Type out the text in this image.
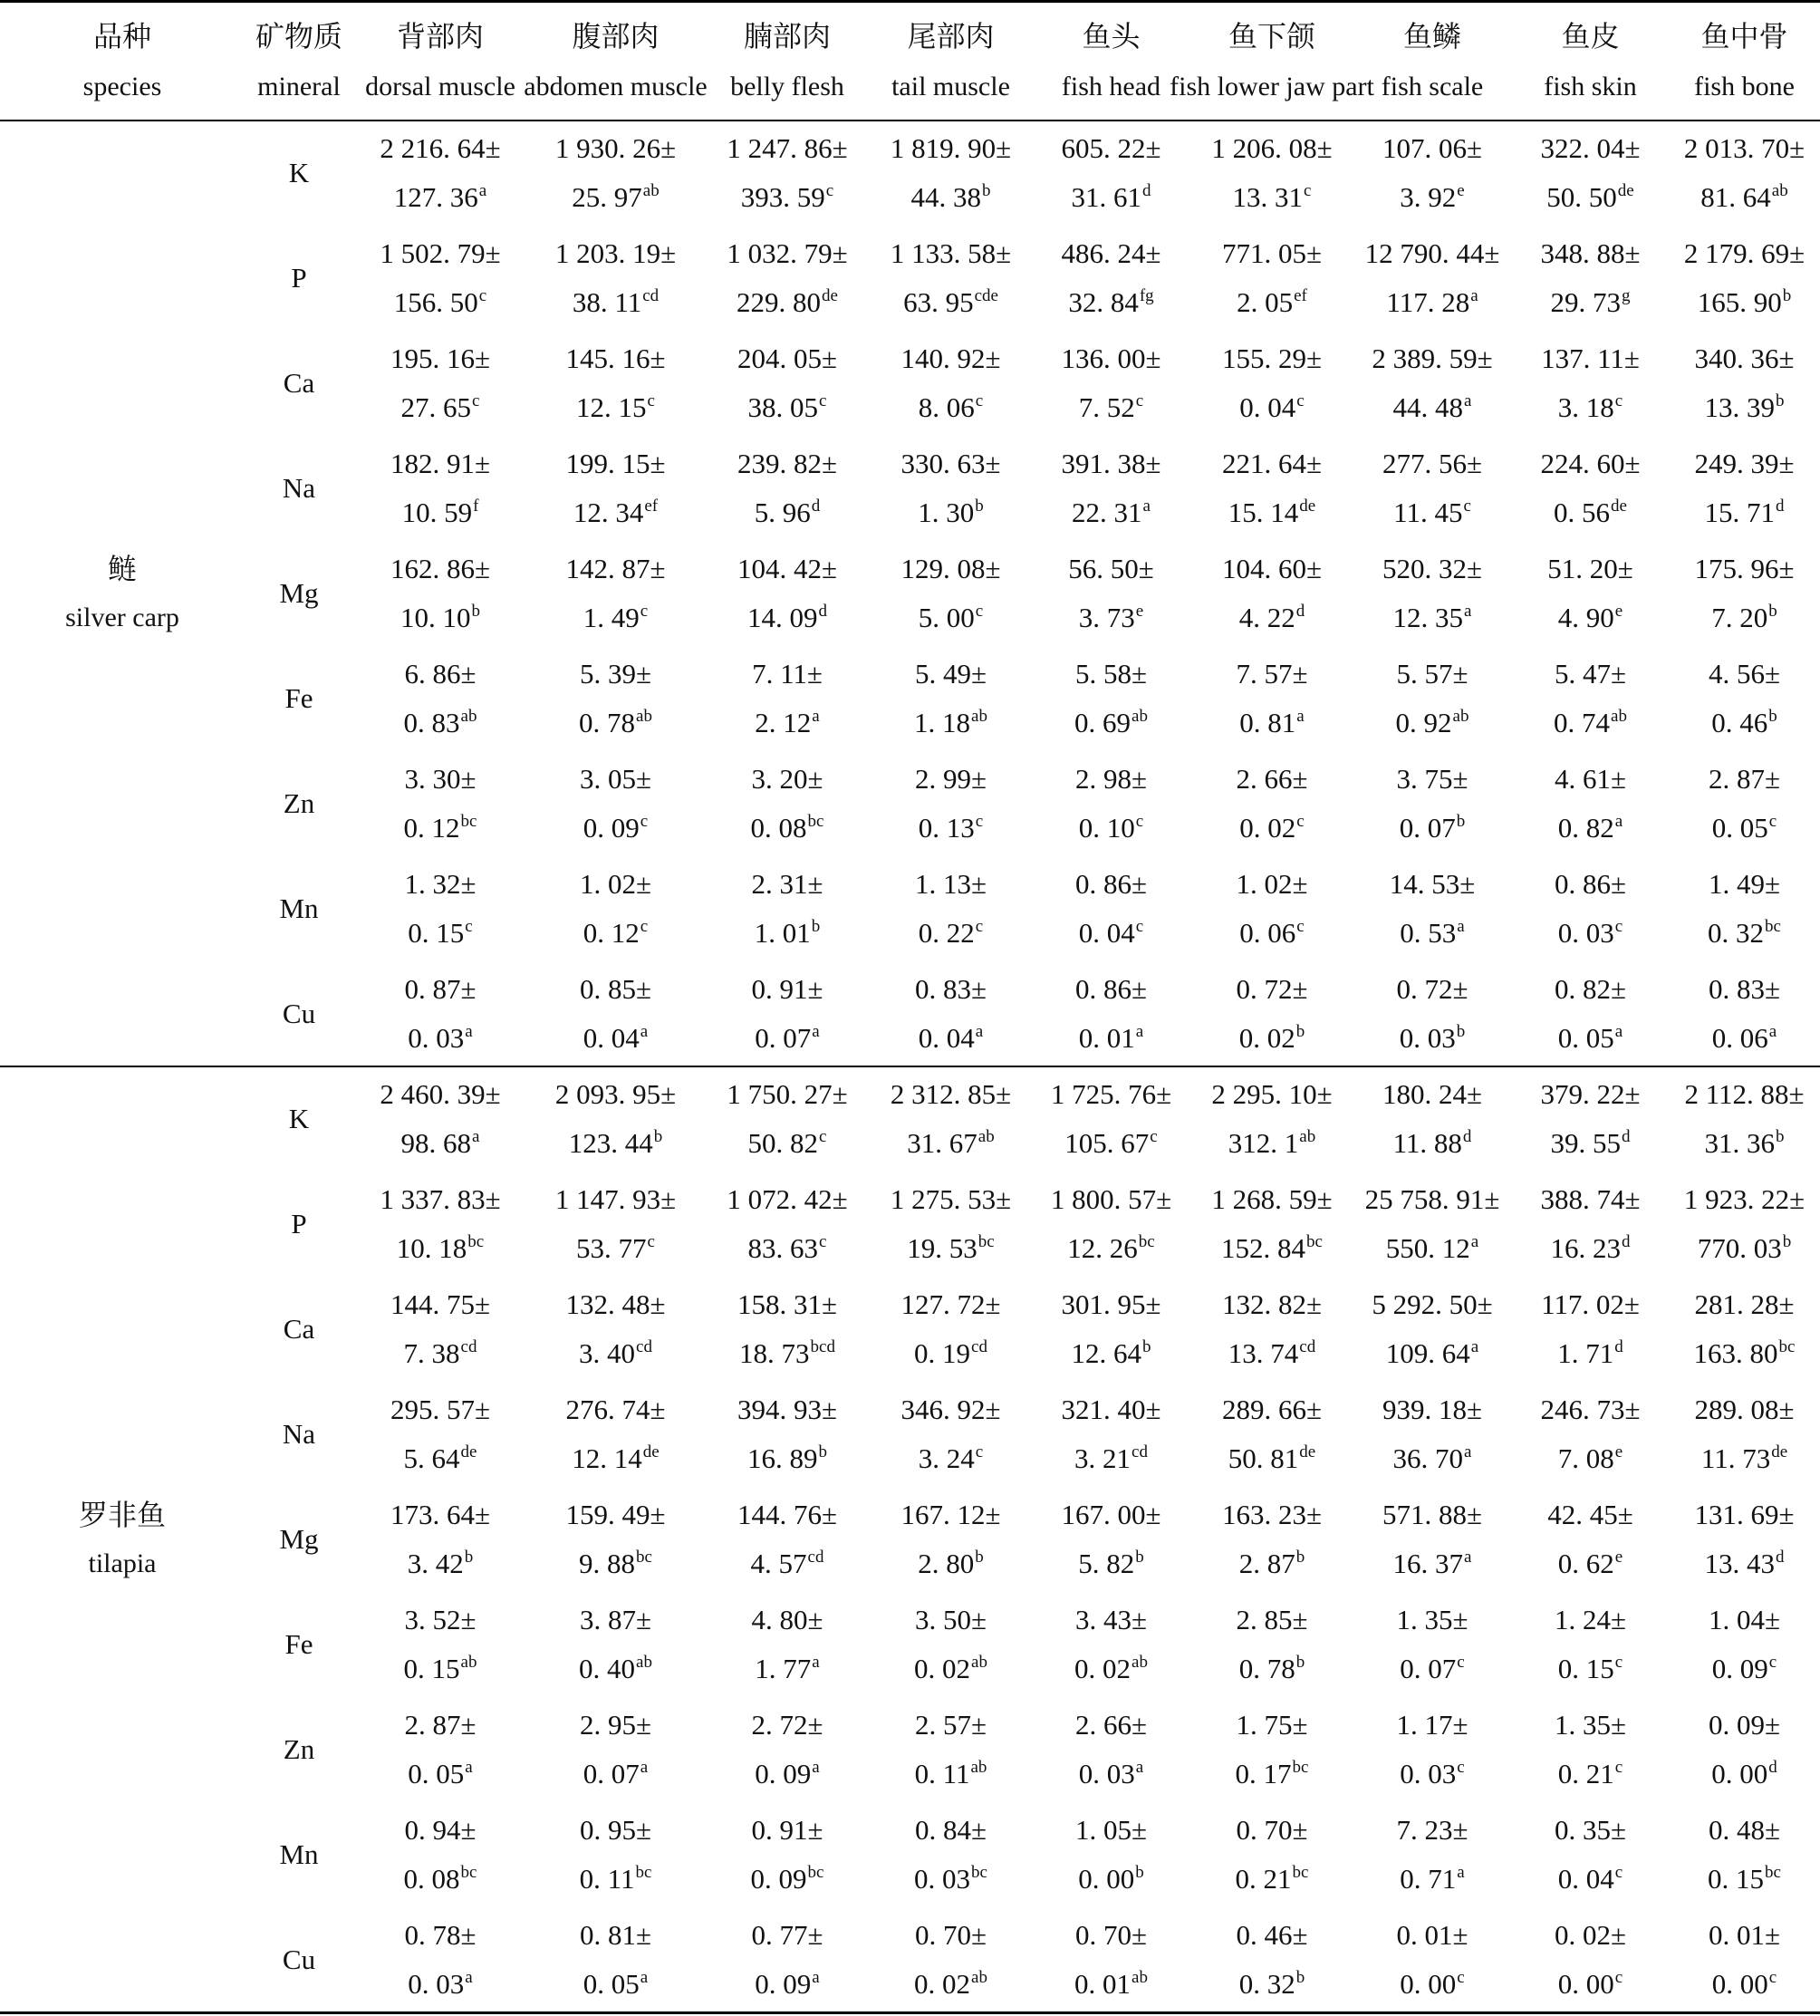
品种
species
矿物质
mineral
背部肉
dorsal muscle
腹部肉
abdomen muscle
腩部肉
belly flesh
尾部肉
tail muscle
鱼头
fish head
鱼下颌
fish lower jaw part
鱼鳞
fish scale
鱼皮
fish skin
鱼中骨
fish bone
鲢
silver carp
K
2 216. 64±
127. 36$^a$
1 930. 26±
25. $97^{ab}$
1 247. 86±
393. 59$^c$
1 819. 90±
44. 38$^b$
605. 22±
31. 61$^d$
1 206. 08±
13. 31$^c$
107. 06±
3. 92e
322. 04±
50. 50de
2 013. 70±
81. $64^{ab}$
P
1 502. 79±
156. 50$^c$
1 203. 19±
38. $11^{cd}$
1 032. 79±
229. 80de
1 133. 58±
63. $95^{cde}$
486. 24±
32. $84^{fg}$
771. 05±
2. $05^{ef}$
12 790. 44±
117. 28$^a$
348. 88±
29. 73$^g$
2 179. 69±
165. 90$^b$
Ca
195. 16±
27. 65$^c$
145. 16±
12. 15$^c$
204. 05±
38. 05$^c$
140. 92±
8. 06$^c$
136. 00±
7. 52$^c$
155. 29±
0. 04$^c$
2 389. 59±
44. 48$^a$
137. 11±
3. 18$^c$
340. 36±
13. 39$^b$
Na
182. 91±
10. 59$^f$
199. 15±
12. $34^{ef}$
239. 82±
5. 96$^d$
330. 63±
1. 30$^b$
391. 38±
22. 31$^a$
221. 64±
15. 14de
277. 56±
11. 45$^c$
224. 60±
0. 56de
249. 39±
15. 71$^d$
Mg
162. 86±
10. 10$^b$
142. 87±
1. 49$^c$
104. 42±
14. 09$^d$
129. 08±
5. 00$^c$
56. 50±
3. 73e
104. 60±
4. 22$^d$
520. 32±
12. 35$^a$
51. 20±
4. 90e
175. 96±
7. 20$^b$
Fe
6. 86±
0. $83^{ab}$
5. 39±
0. $78^{ab}$
7. 11±
2. 12$^a$
5. 49±
1. $18^{ab}$
5. 58±
0. $69^{ab}$
7. 57±
0. 81$^a$
5. 57±
0. $92^{ab}$
5. 47±
0. $74^{ab}$
4. 56±
0. 46$^b$
Zn
3. 30±
0. $12^{bc}$
3. 05±
0. 09$^c$
3. 20±
0. $08^{bc}$
2. 99±
0. 13$^c$
2. 98±
0. 10$^c$
2. 66±
0. 02$^c$
3. 75±
0. 07$^b$
4. 61±
0. 82$^a$
2. 87±
0. 05$^c$
Mn
1. 32±
0. 15$^c$
1. 02±
0. 12$^c$
2. 31±
1. 01$^b$
1. 13±
0. 22$^c$
0. 86±
0. 04$^c$
1. 02±
0. 06$^c$
14. 53±
0. 53$^a$
0. 86±
0. 03$^c$
1. 49±
0. $32^{bc}$
Cu
0. 87±
0. 03$^a$
0. 85±
0. 04$^a$
0. 91±
0. 07$^a$
0. 83±
0. 04$^a$
0. 86±
0. 01$^a$
0. 72±
0. 02$^b$
0. 72±
0. 03$^b$
0. 82±
0. 05$^a$
0. 83±
0. 06$^a$
罗非鱼
tilapia
K
2 460. 39±
98. 68$^a$
2 093. 95±
123. 44$^b$
1 750. 27±
50. 82$^c$
2 312. 85±
31. $67^{ab}$
1 725. 76±
105. 67$^c$
2 295. 10±
312. $1^{ab}$
180. 24±
11. 88$^d$
379. 22±
39. 55$^d$
2 112. 88±
31. 36$^b$
P
1 337. 83±
10. $18^{bc}$
1 147. 93±
53. 77$^c$
1 072. 42±
83. 63$^c$
1 275. 53±
19. $53^{bc}$
1 800. 57±
12. $26^{bc}$
1 268. 59±
152. $84^{bc}$
25 758. 91±
550. 12$^a$
388. 74±
16. 23$^d$
1 923. 22±
770. 03$^b$
Ca
144. 75±
7. $38^{cd}$
132. 48±
3. $40^{cd}$
158. 31±
18. $73^{bcd}$
127. 72±
0. $19^{cd}$
301. 95±
12. 64$^b$
132. 82±
13. $74^{cd}$
5 292. 50±
109. 64$^a$
117. 02±
1. 71$^d$
281. 28±
163. $80^{bc}$
Na
295. 57±
5. 64de
276. 74±
12. 14de
394. 93±
16. 89$^b$
346. 92±
3. 24$^c$
321. 40±
3. $21^{cd}$
289. 66±
50. 81de
939. 18±
36. 70$^a$
246. 73±
7. 08e
289. 08±
11. 73de
Mg
173. 64±
3. 42$^b$
159. 49±
9. $88^{bc}$
144. 76±
4. $57^{cd}$
167. 12±
2. 80$^b$
167. 00±
5. 82$^b$
163. 23±
2. 87$^b$
571. 88±
16. 37$^a$
42. 45±
0. 62e
131. 69±
13. 43$^d$
Fe
3. 52±
0. $15^{ab}$
3. 87±
0. $40^{ab}$
4. 80±
1. 77$^a$
3. 50±
0. $02^{ab}$
3. 43±
0. $02^{ab}$
2. 85±
0. 78$^b$
1. 35±
0. 07$^c$
1. 24±
0. 15$^c$
1. 04±
0. 09$^c$
Zn
2. 87±
0. 05$^a$
2. 95±
0. 07$^a$
2. 72±
0. 09$^a$
2. 57±
0. $11^{ab}$
2. 66±
0. 03$^a$
1. 75±
0. $17^{bc}$
1. 17±
0. 03$^c$
1. 35±
0. 21$^c$
0. 09±
0. 00$^d$
Mn
0. 94±
0. $08^{bc}$
0. 95±
0. $11^{bc}$
0. 91±
0. $09^{bc}$
0. 84±
0. $03^{bc}$
1. 05±
0. 00$^b$
0. 70±
0. $21^{bc}$
7. 23±
0. 71$^a$
0. 35±
0. 04$^c$
0. 48±
0. $15^{bc}$
Cu
0. 78±
0. 03$^a$
0. 81±
0. 05$^a$
0. 77±
0. 09$^a$
0. 70±
0. $02^{ab}$
0. 70±
0. $01^{ab}$
0. 46±
0. 32$^b$
0. 01±
0. 00$^c$
0. 02±
0. 00$^c$
0. 01±
0. 00$^c$
